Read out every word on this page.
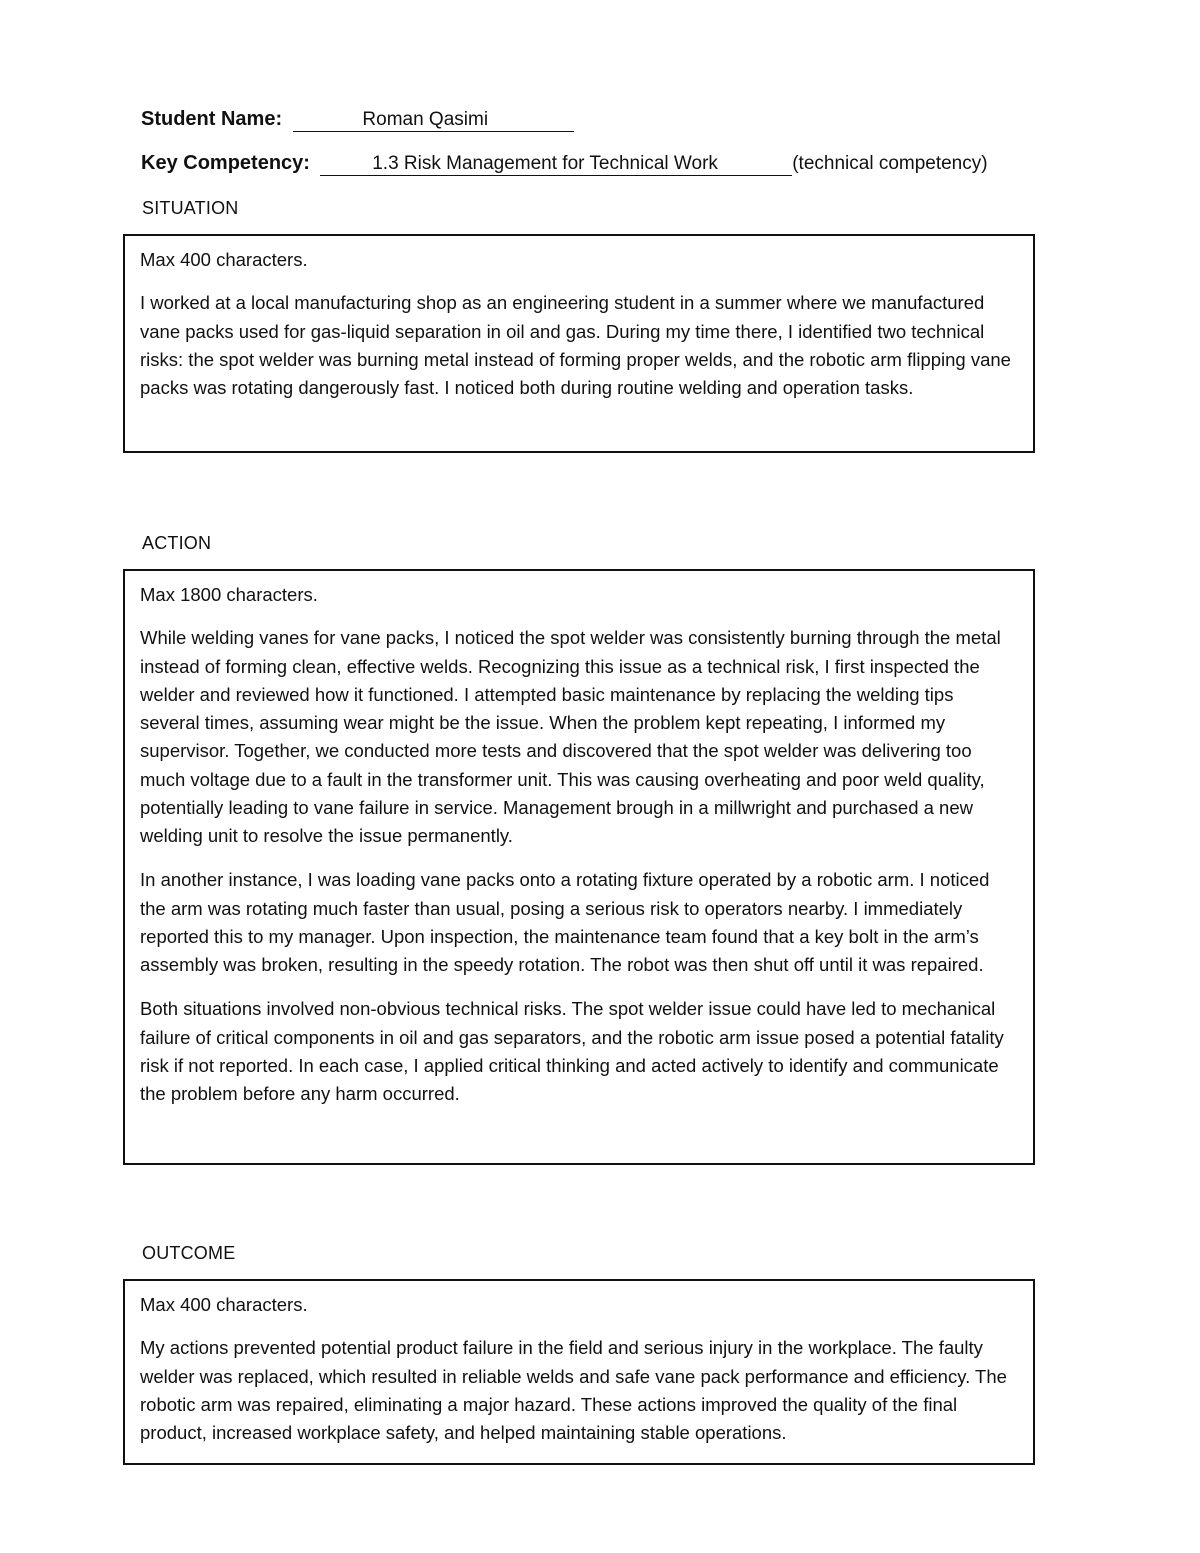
Student Name:	Roman Qasimi
Key Competency:	1.3 Risk Management for Technical Work	(technical competency)
SITUATION

Max 400 characters.

I worked at a local manufacturing shop as an engineering student in a summer where we manufactured vane packs used for gas-liquid separation in oil and gas. During my time there, I identified two technical risks: the spot welder was burning metal instead of forming proper welds, and the robotic arm flipping vane packs was rotating dangerously fast. I noticed both during routine welding and operation tasks.

ACTION

Max 1800 characters.

While welding vanes for vane packs, I noticed the spot welder was consistently burning through the metal instead of forming clean, effective welds. Recognizing this issue as a technical risk, I first inspected the welder and reviewed how it functioned. I attempted basic maintenance by replacing the welding tips several times, assuming wear might be the issue. When the problem kept repeating, I informed my supervisor. Together, we conducted more tests and discovered that the spot welder was delivering too much voltage due to a fault in the transformer unit. This was causing overheating and poor weld quality, potentially leading to vane failure in service. Management brough in a millwright and purchased a new welding unit to resolve the issue permanently.

In another instance, I was loading vane packs onto a rotating fixture operated by a robotic arm. I noticed the arm was rotating much faster than usual, posing a serious risk to operators nearby. I immediately reported this to my manager. Upon inspection, the maintenance team found that a key bolt in the arm’s assembly was broken, resulting in the speedy rotation. The robot was then shut off until it was repaired.

Both situations involved non-obvious technical risks. The spot welder issue could have led to mechanical failure of critical components in oil and gas separators, and the robotic arm issue posed a potential fatality risk if not reported. In each case, I applied critical thinking and acted actively to identify and communicate the problem before any harm occurred.

OUTCOME

Max 400 characters.

My actions prevented potential product failure in the field and serious injury in the workplace. The faulty welder was replaced, which resulted in reliable welds and safe vane pack performance and efficiency. The robotic arm was repaired, eliminating a major hazard. These actions improved the quality of the final product, increased workplace safety, and helped maintaining stable operations.
